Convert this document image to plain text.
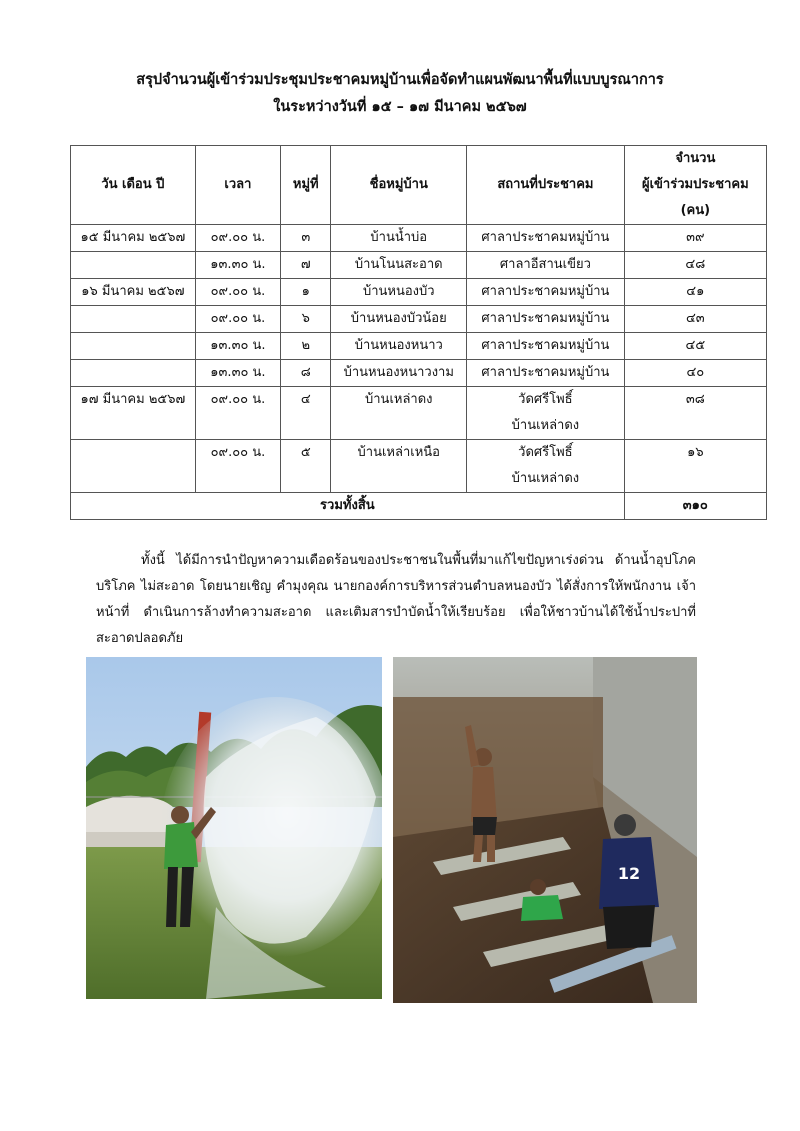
สรุปจำนวนผู้เข้าร่วมประชุมประชาคมหมู่บ้านเพื่อจัดทำแผนพัฒนาพื้นที่แบบบูรณาการ
ในระหว่างวันที่ ๑๕ – ๑๗ มีนาคม ๒๕๖๗
วัน เดือน ปี	เวลา	หมู่ที่	ชื่อหมู่บ้าน	สถานที่ประชาคม	จำนวน
ผู้เข้าร่วมประชาคม
(คน)

๑๕ มีนาคม ๒๕๖๗	๐๙.๐๐ น.	๓	บ้านน้ำบ่อ	ศาลาประชาคมหมู่บ้าน	๓๙
	๑๓.๓๐ น.	๗	บ้านโนนสะอาด	ศาลาอีสานเขียว	๔๘
๑๖ มีนาคม ๒๕๖๗	๐๙.๐๐ น.	๑	บ้านหนองบัว	ศาลาประชาคมหมู่บ้าน	๔๑
	๐๙.๐๐ น.	๖	บ้านหนองบัวน้อย	ศาลาประชาคมหมู่บ้าน	๔๓
	๑๓.๓๐ น.	๒	บ้านหนองหนาว	ศาลาประชาคมหมู่บ้าน	๔๕
	๑๓.๓๐ น.	๘	บ้านหนองหนาวงาม	ศาลาประชาคมหมู่บ้าน	๔๐
๑๗ มีนาคม ๒๕๖๗	๐๙.๐๐ น.	๔	บ้านเหล่าดง	วัดศรีโพธิ์
บ้านเหล่าดง	๓๘
	๐๙.๐๐ น.	๕	บ้านเหล่าเหนือ	วัดศรีโพธิ์
บ้านเหล่าดง	๑๖
รวมทั้งสิ้น					๓๑๐
ทั้งนี้ ได้มีการนำปัญหาความเดือดร้อนของประชาชนในพื้นที่มาแก้ไขปัญหาเร่งด่วน ด้านน้ำอุปโภค บริโภค ไม่สะอาด โดยนายเชิญ คำมุงคุณ นายกองค์การบริหารส่วนตำบลหนองบัว ได้สั่งการให้พนักงาน เจ้าหน้าที่ ดำเนินการล้างทำความสะอาด และเติมสารบำบัดน้ำให้เรียบร้อย เพื่อให้ชาวบ้านได้ใช้น้ำประปาที่ สะอาดปลอดภัย
12
